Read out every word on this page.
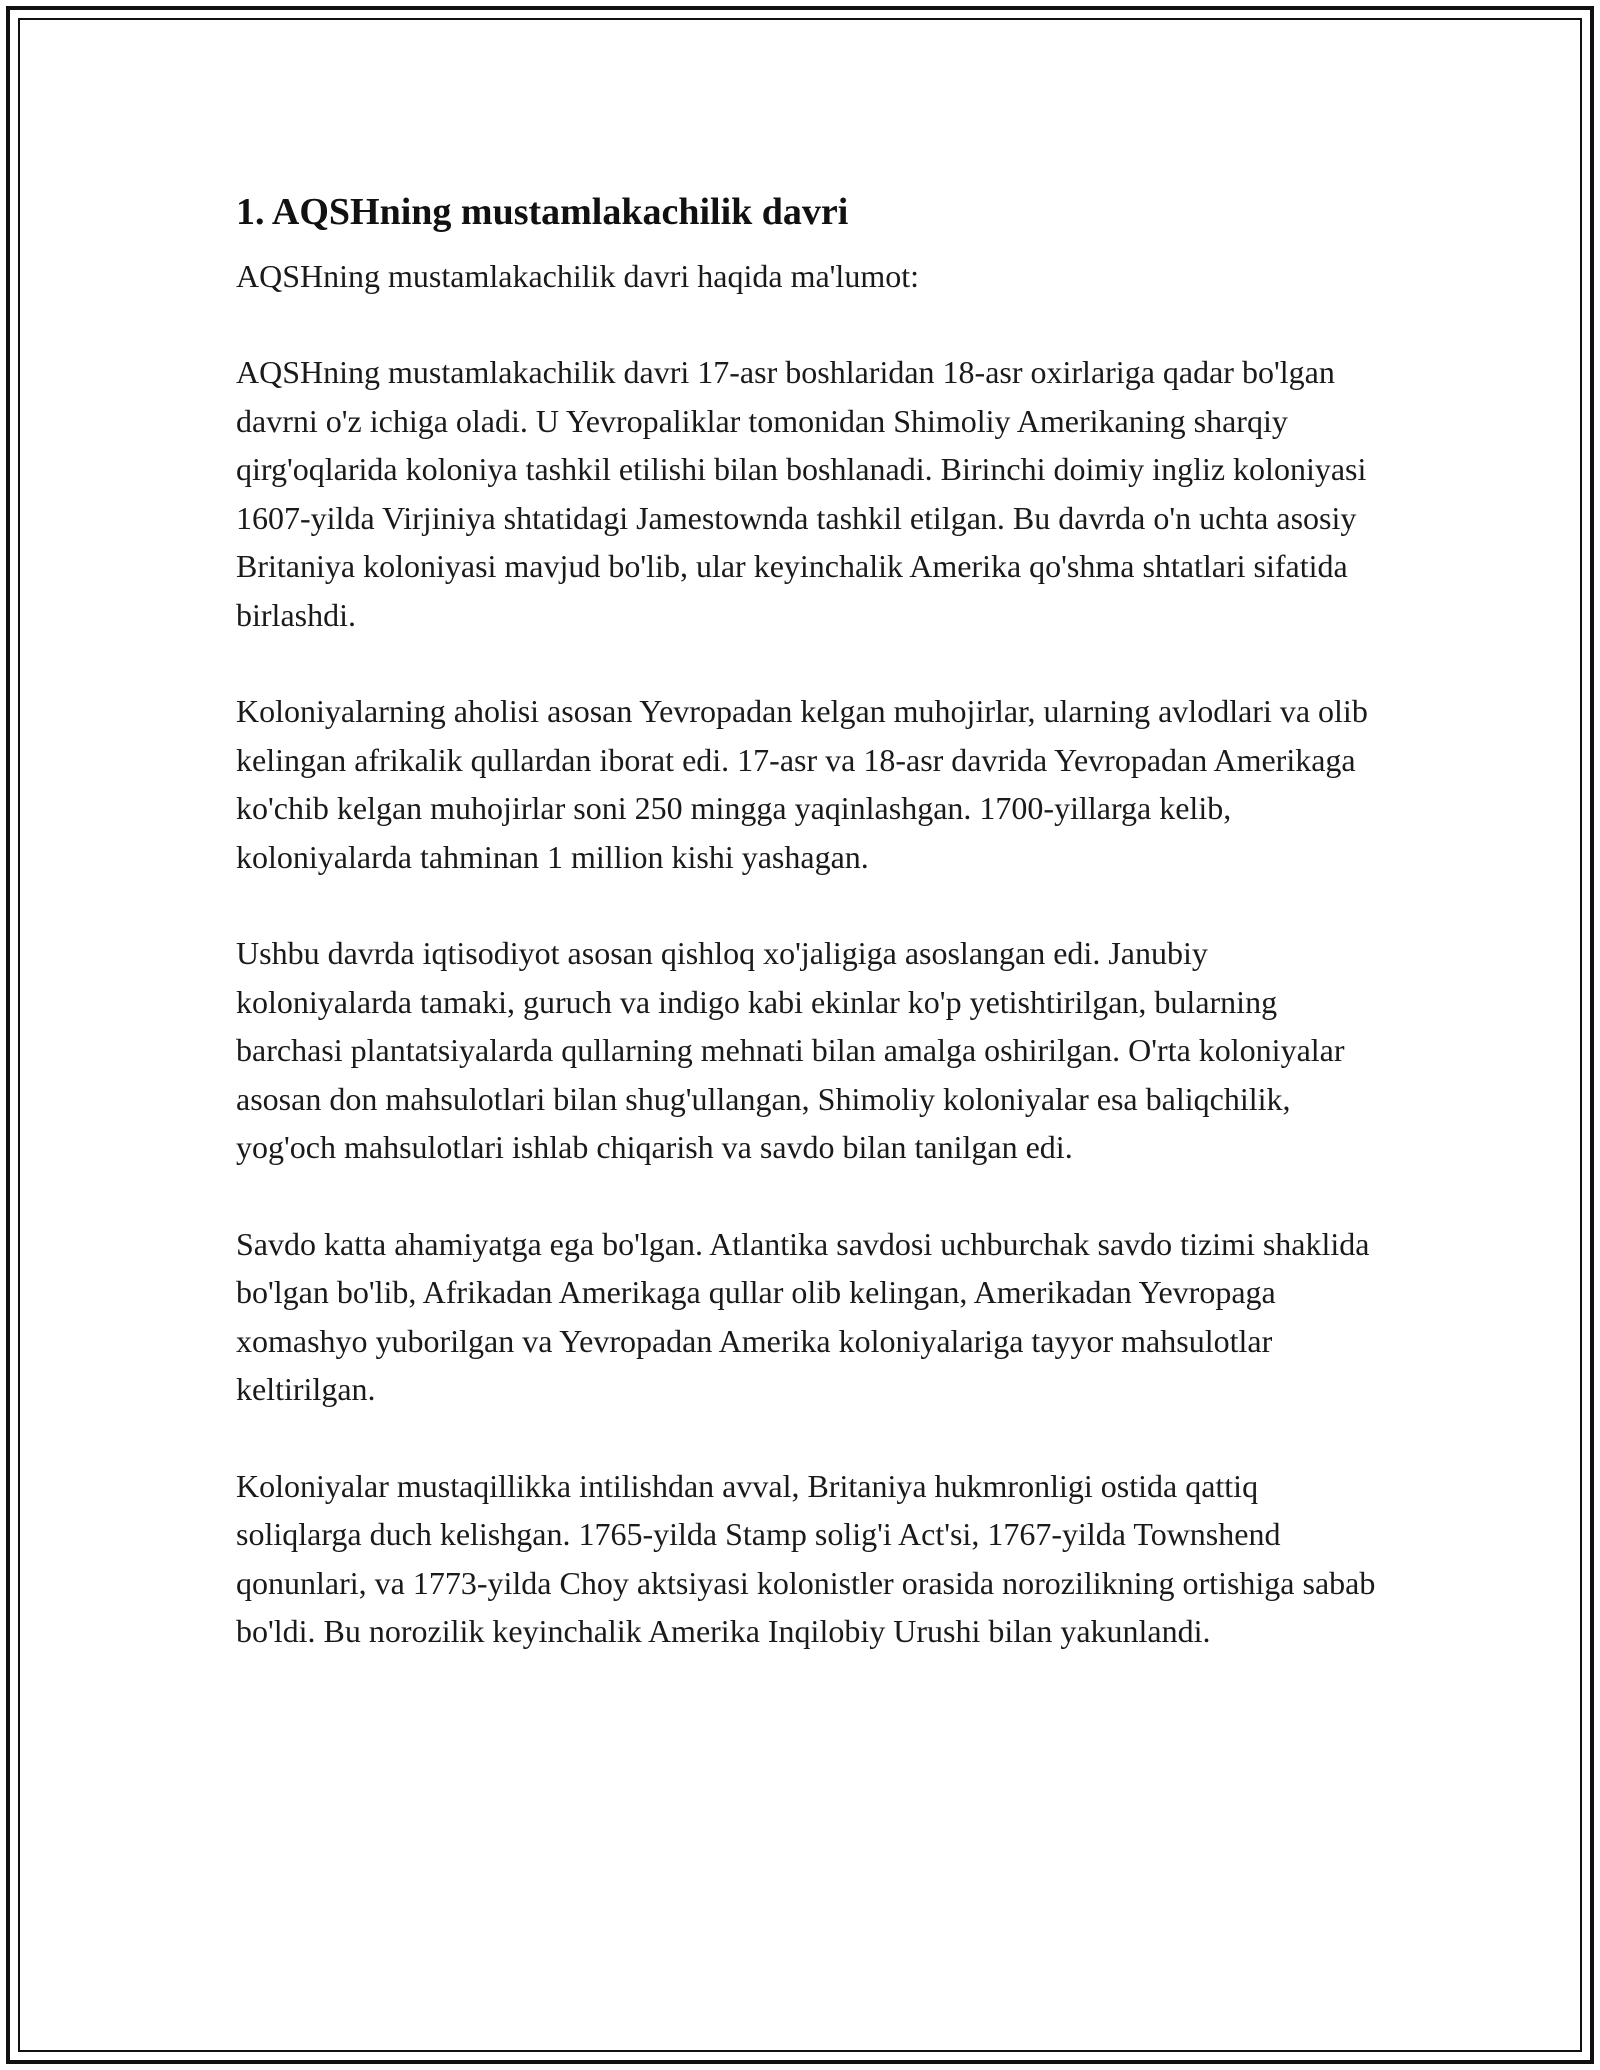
1. AQSHning mustamlakachilik davri

AQSHning mustamlakachilik davri haqida ma'lumot:

AQSHning mustamlakachilik davri 17-asr boshlaridan 18-asr oxirlariga qadar bo'lgan davrni o'z ichiga oladi. U Yevropaliklar tomonidan Shimoliy Amerikaning sharqiy qirg'oqlarida koloniya tashkil etilishi bilan boshlanadi. Birinchi doimiy ingliz koloniyasi 1607-yilda Virjiniya shtatidagi Jamestownda tashkil etilgan. Bu davrda o'n uchta asosiy Britaniya koloniyasi mavjud bo'lib, ular keyinchalik Amerika qo'shma shtatlari sifatida birlashdi.

Koloniyalarning aholisi asosan Yevropadan kelgan muhojirlar, ularning avlodlari va olib kelingan afrikalik qullardan iborat edi. 17-asr va 18-asr davrida Yevropadan Amerikaga ko'chib kelgan muhojirlar soni 250 mingga yaqinlashgan. 1700-yillarga kelib, koloniyalarda tahminan 1 million kishi yashagan.

Ushbu davrda iqtisodiyot asosan qishloq xo'jaligiga asoslangan edi. Janubiy koloniyalarda tamaki, guruch va indigo kabi ekinlar ko'p yetishtirilgan, bularning barchasi plantatsiyalarda qullarning mehnati bilan amalga oshirilgan. O'rta koloniyalar asosan don mahsulotlari bilan shug'ullangan, Shimoliy koloniyalar esa baliqchilik, yog'och mahsulotlari ishlab chiqarish va savdo bilan tanilgan edi.

Savdo katta ahamiyatga ega bo'lgan. Atlantika savdosi uchburchak savdo tizimi shaklida bo'lgan bo'lib, Afrikadan Amerikaga qullar olib kelingan, Amerikadan Yevropaga xomashyo yuborilgan va Yevropadan Amerika koloniyalariga tayyor mahsulotlar keltirilgan.

Koloniyalar mustaqillikka intilishdan avval, Britaniya hukmronligi ostida qattiq soliqlarga duch kelishgan. 1765-yilda Stamp solig'i Act'si, 1767-yilda Townshend qonunlari, va 1773-yilda Choy aktsiyasi kolonistler orasida norozilikning ortishiga sabab bo'ldi. Bu norozilik keyinchalik Amerika Inqilobiy Urushi bilan yakunlandi.
